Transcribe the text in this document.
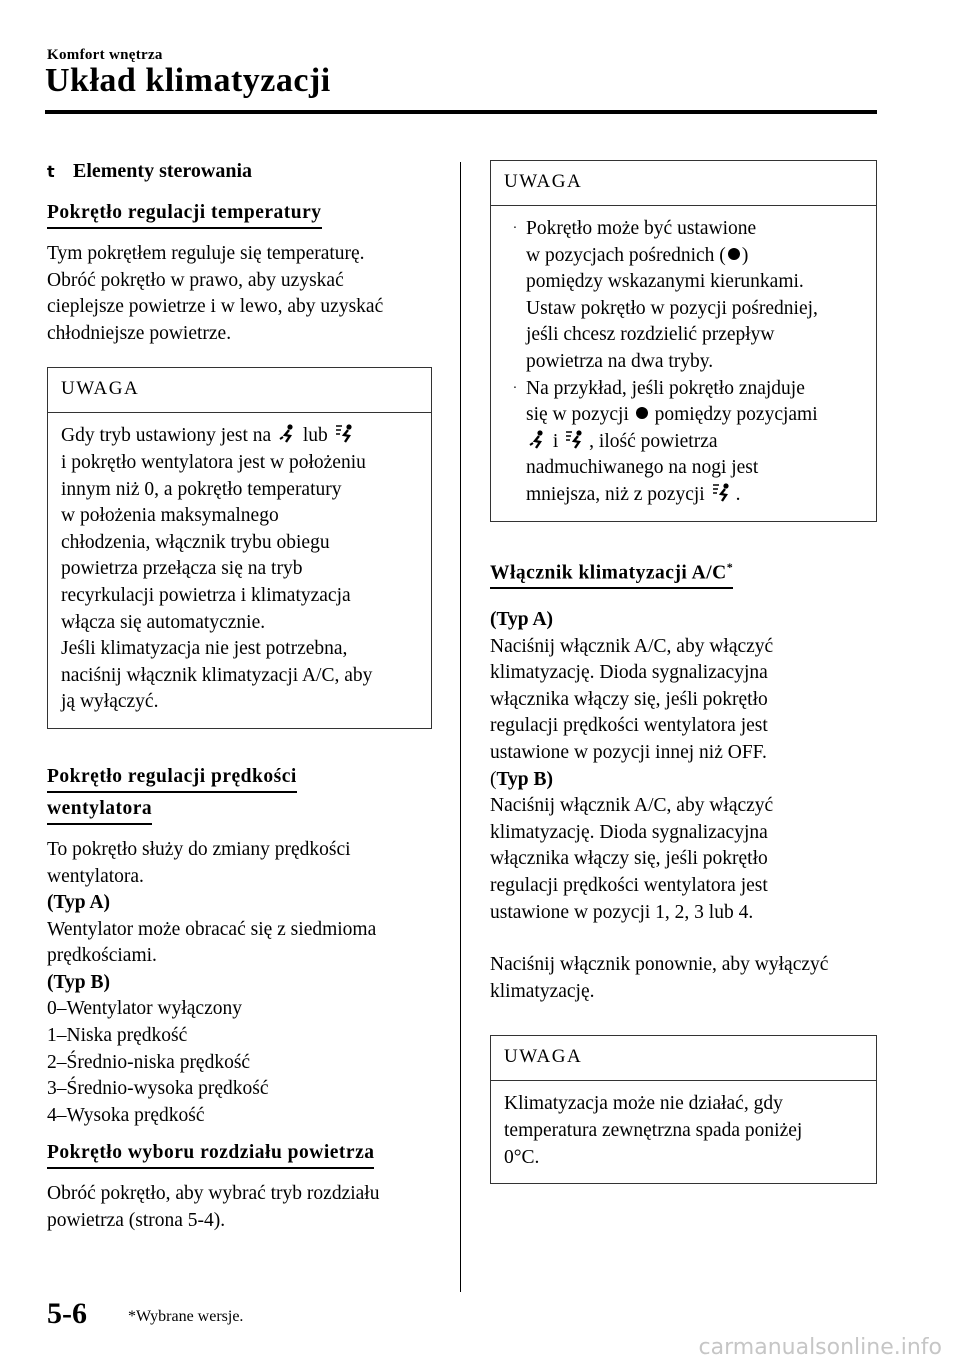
Komfort wnętrza
Układ klimatyzacji
t Elementy sterowania
Pokrętło regulacji temperatury
Tym pokrętłem reguluje się temperaturę.
Obróć pokrętło w prawo, aby uzyskać
cieplejsze powietrze i w lewo, aby uzyskać
chłodniejsze powietrze.
UWAGA
Gdy tryb ustawiony jest na lub
i pokrętło wentylatora jest w położeniu
innym niż 0, a pokrętło temperatury
w położenia maksymalnego
chłodzenia, włącznik trybu obiegu
powietrza przełącza się na tryb
recyrkulacji powietrza i klimatyzacja
włącza się automatycznie.
Jeśli klimatyzacja nie jest potrzebna,
naciśnij włącznik klimatyzacji A/C, aby
ją wyłączyć.
Pokrętło regulacji prędkości
wentylatora
To pokrętło służy do zmiany prędkości
wentylatora.
(Typ A)
Wentylator może obracać się z siedmioma
prędkościami.
(Typ B)
0–Wentylator wyłączony
1–Niska prędkość
2–Średnio-niska prędkość
3–Średnio-wysoka prędkość
4–Wysoka prędkość
Pokrętło wyboru rozdziału powietrza
Obróć pokrętło, aby wybrać tryb rozdziału
powietrza (strona 5-4).
UWAGA
· Pokrętło może być ustawione
w pozycjach pośrednich ( )
pomiędzy wskazanymi kierunkami.
Ustaw pokrętło w pozycji pośredniej,
jeśli chcesz rozdzielić przepływ
powietrza na dwa tryby.
· Na przykład, jeśli pokrętło znajduje
się w pozycji pomiędzy pozycjami
i , ilość powietrza
nadmuchiwanego na nogi jest
mniejsza, niż z pozycji .
Włącznik klimatyzacji A/C*
(Typ A)
Naciśnij włącznik A/C, aby włączyć
klimatyzację. Dioda sygnalizacyjna
włącznika włączy się, jeśli pokrętło
regulacji prędkości wentylatora jest
ustawione w pozycji innej niż OFF.
(Typ B)
Naciśnij włącznik A/C, aby włączyć
klimatyzację. Dioda sygnalizacyjna
włącznika włączy się, jeśli pokrętło
regulacji prędkości wentylatora jest
ustawione w pozycji 1, 2, 3 lub 4.
Naciśnij włącznik ponownie, aby wyłączyć
klimatyzację.
UWAGA
Klimatyzacja może nie działać, gdy
temperatura zewnętrzna spada poniżej
0°C.
5-6	*Wybrane wersje.
carmanualsonline.info
